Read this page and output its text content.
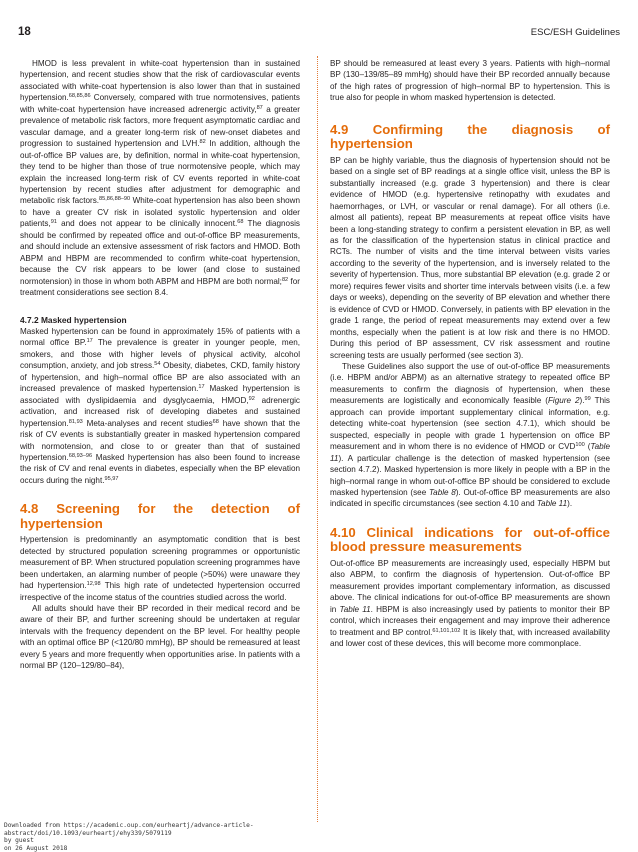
18	ESC/ESH Guidelines

HMOD is less prevalent in white-coat hypertension than in sustained hypertension, and recent studies show that the risk of cardiovascular events associated with white-coat hypertension is also lower than that in sustained hypertension.$^{68,85,86}$ Conversely, compared with true normotensives, patients with white-coat hypertension have increased adrenergic activity,$^{87}$ a greater prevalence of metabolic risk factors, more frequent asymptomatic cardiac and vascular damage, and a greater long-term risk of new-onset diabetes and progression to sustained hypertension and LVH.$^{82}$ In addition, although the out-of-office BP values are, by definition, normal in white-coat hypertension, they tend to be higher than those of true normotensive people, which may explain the increased long-term risk of CV events reported in white-coat hypertension by recent studies after adjustment for demographic and metabolic risk factors.$^{85,86,88-90}$ White-coat hypertension has also been shown to have a greater CV risk in isolated systolic hypertension and older patients,$^{91}$ and does not appear to be clinically innocent.$^{68}$ The diagnosis should be confirmed by repeated office and out-of-office BP measurements, and should include an extensive assessment of risk factors and HMOD. Both ABPM and HBPM are recommended to confirm white-coat hypertension, because the CV risk appears to be lower (and close to sustained normotension) in those in whom both ABPM and HBPM are both normal;$^{82}$ for treatment considerations see section 8.4.

4.7.2 Masked hypertension

Masked hypertension can be found in approximately 15% of patients with a normal office BP.$^{17}$ The prevalence is greater in younger people, men, smokers, and those with higher levels of physical activity, alcohol consumption, anxiety, and job stress.$^{54}$ Obesity, diabetes, CKD, family history of hypertension, and high–normal office BP are also associated with an increased prevalence of masked hypertension.$^{17}$ Masked hypertension is associated with dyslipidaemia and dysglycaemia, HMOD,$^{92}$ adrenergic activation, and increased risk of developing diabetes and sustained hypertension.$^{81,93}$ Meta-analyses and recent studies$^{68}$ have shown that the risk of CV events is substantially greater in masked hypertension compared with normotension, and close to or greater than that of sustained hypertension.$^{68,93-96}$ Masked hypertension has also been found to increase the risk of CV and renal events in diabetes, especially when the BP elevation occurs during the night.$^{95,97}$

4.8 Screening for the detection of hypertension

Hypertension is predominantly an asymptomatic condition that is best detected by structured population screening programmes or opportunistic measurement of BP. When structured population screening programmes have been undertaken, an alarming number of people (>50%) were unaware they had hypertension.$^{12,98}$ This high rate of undetected hypertension occurred irrespective of the income status of the countries studied across the world.

All adults should have their BP recorded in their medical record and be aware of their BP, and further screening should be undertaken at regular intervals with the frequency dependent on the BP level. For healthy people with an optimal office BP (<120/80 mmHg), BP should be remeasured at least every 5 years and more frequently when opportunities arise. In patients with a normal BP (120–129/80–84),

BP should be remeasured at least every 3 years. Patients with high–normal BP (130–139/85–89 mmHg) should have their BP recorded annually because of the high rates of progression of high–normal BP to hypertension. This is true also for people in whom masked hypertension is detected.

4.9 Confirming the diagnosis of hypertension

BP can be highly variable, thus the diagnosis of hypertension should not be based on a single set of BP readings at a single office visit, unless the BP is substantially increased (e.g. grade 3 hypertension) and there is clear evidence of HMOD (e.g. hypertensive retinopathy with exudates and haemorrhages, or LVH, or vascular or renal damage). For all others (i.e. almost all patients), repeat BP measurements at repeat office visits have been a long-standing strategy to confirm a persistent elevation in BP, as well as for the classification of the hypertension status in clinical practice and RCTs. The number of visits and the time interval between visits varies according to the severity of the hypertension, and is inversely related to the severity of hypertension. Thus, more substantial BP elevation (e.g. grade 2 or more) requires fewer visits and shorter time intervals between visits (i.e. a few days or weeks), depending on the severity of BP elevation and whether there is evidence of CVD or HMOD. Conversely, in patients with BP elevation in the grade 1 range, the period of repeat measurements may extend over a few months, especially when the patient is at low risk and there is no HMOD. During this period of BP assessment, CV risk assessment and routine screening tests are usually performed (see section 3).

These Guidelines also support the use of out-of-office BP measurements (i.e. HBPM and/or ABPM) as an alternative strategy to repeated office BP measurements to confirm the diagnosis of hypertension, when these measurements are logistically and economically feasible (Figure 2).$^{99}$ This approach can provide important supplementary clinical information, e.g. detecting white-coat hypertension (see section 4.7.1), which should be suspected, especially in people with grade 1 hypertension on office BP measurement and in whom there is no evidence of HMOD or CVD$^{100}$ (Table 11). A particular challenge is the detection of masked hypertension (see section 4.7.2). Masked hypertension is more likely in people with a BP in the high–normal range in whom out-of-office BP should be considered to exclude masked hypertension (see Table 8). Out-of-office BP measurements are also indicated in specific circumstances (see section 4.10 and Table 11).

4.10 Clinical indications for out-of-office blood pressure measurements

Out-of-office BP measurements are increasingly used, especially HBPM but also ABPM, to confirm the diagnosis of hypertension. Out-of-office BP measurement provides important complementary information, as discussed above. The clinical indications for out-of-office BP measurements are shown in Table 11. HBPM is also increasingly used by patients to monitor their BP control, which increases their engagement and may improve their adherence to treatment and BP control.$^{61,101,102}$ It is likely that, with increased availability and lower cost of these devices, this will become more commonplace.

Downloaded from https://academic.oup.com/eurheartj/advance-article-abstract/doi/10.1093/eurheartj/ehy339/5079119
by guest
on 26 August 2018
